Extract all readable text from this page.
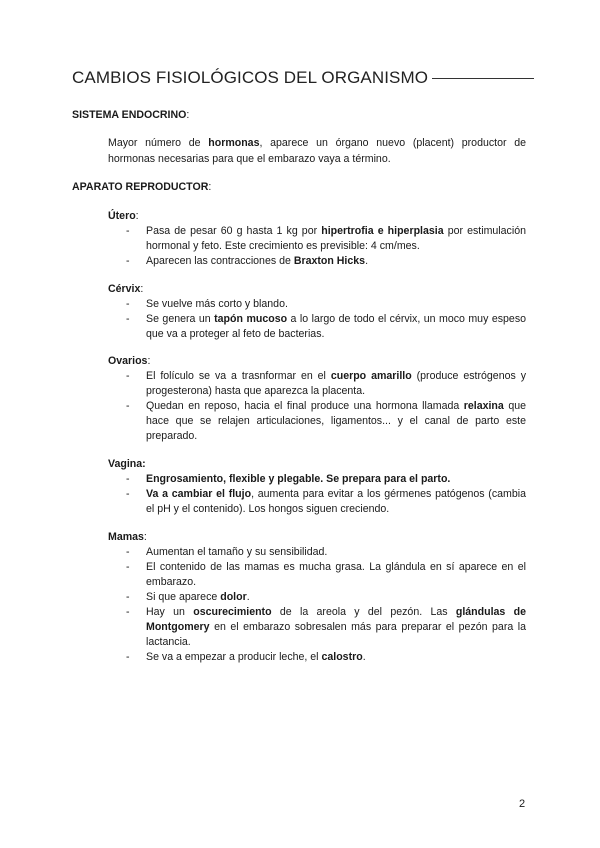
CAMBIOS FISIOLÓGICOS DEL ORGANISMO
SISTEMA ENDOCRINO:
Mayor número de hormonas, aparece un órgano nuevo (placent) productor de hormonas necesarias para que el embarazo vaya a término.
APARATO REPRODUCTOR:
Útero:
- Pasa de pesar 60 g hasta 1 kg por hipertrofia e hiperplasia por estimulación hormonal y feto. Este crecimiento es previsible: 4 cm/mes.
- Aparecen las contracciones de Braxton Hicks.
Cérvix:
- Se vuelve más corto y blando.
- Se genera un tapón mucoso a lo largo de todo el cérvix, un moco muy espeso que va a proteger al feto de bacterias.
Ovarios:
- El folículo se va a trasnformar en el cuerpo amarillo (produce estrógenos y progesterona) hasta que aparezca la placenta.
- Quedan en reposo, hacia el final produce una hormona llamada relaxina que hace que se relajen articulaciones, ligamentos... y el canal de parto este preparado.
Vagina:
- Engrosamiento, flexible y plegable. Se prepara para el parto.
- Va a cambiar el flujo, aumenta para evitar a los gérmenes patógenos (cambia el pH y el contenido). Los hongos siguen creciendo.
Mamas:
- Aumentan el tamaño y su sensibilidad.
- El contenido de las mamas es mucha grasa. La glándula en sí aparece en el embarazo.
- Si que aparece dolor.
- Hay un oscurecimiento de la areola y del pezón. Las glándulas de Montgomery en el embarazo sobresalen más para preparar el pezón para la lactancia.
- Se va a empezar a producir leche, el calostro.
2
